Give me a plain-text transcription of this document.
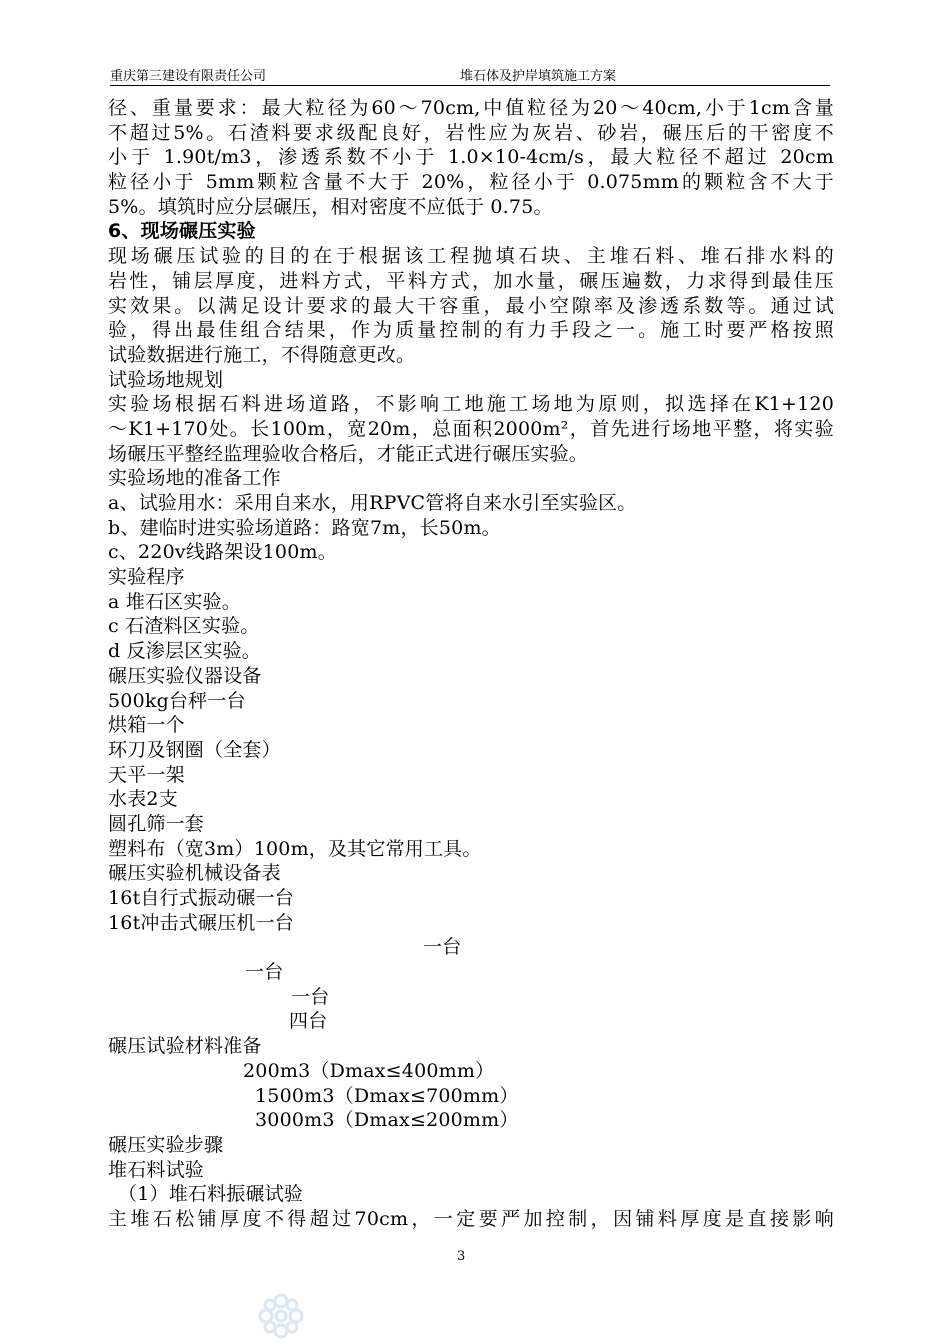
重庆第三建设有限责任公司	堆石体及护岸填筑施工方案
径、重量要求：最大粒径为60～70cm,中值粒径为20～40cm,小于1cm含量
不超过5%。石渣料要求级配良好，岩性应为灰岩、砂岩，碾压后的干密度不
小于 1.90t/m3，渗透系数不小于 1.0×10-4cm/s，最大粒径不超过 20cm
粒径小于 5mm颗粒含量不大于 20%，粒径小于 0.075mm的颗粒含不大于
5%。填筑时应分层碾压，相对密度不应低于 0.75。
6、现场碾压实验
现场碾压试验的目的在于根据该工程抛填石块、主堆石料、堆石排水料的
岩性，铺层厚度，进料方式，平料方式，加水量，碾压遍数，力求得到最佳压
实效果。以满足设计要求的最大干容重，最小空隙率及渗透系数等。通过试
验，得出最佳组合结果，作为质量控制的有力手段之一。施工时要严格按照
试验数据进行施工，不得随意更改。
试验场地规划
实验场根据石料进场道路，不影响工地施工场地为原则，拟选择在K1+120
～K1+170处。长100m，宽20m，总面积2000m²，首先进行场地平整，将实验
场碾压平整经监理验收合格后，才能正式进行碾压实验。
实验场地的准备工作
a、试验用水：采用自来水，用RPVC管将自来水引至实验区。
b、建临时进实验场道路：路宽7m，长50m。
c、220v线路架设100m。
实验程序
a 堆石区实验。
c 石渣料区实验。
d 反渗层区实验。
碾压实验仪器设备
500kg台秤一台
烘箱一个
环刀及钢圈（全套）
天平一架
水表2支
圆孔筛一套
塑料布（宽3m）100m，及其它常用工具。
碾压实验机械设备表
16t自行式振动碾一台
16t冲击式碾压机一台

一台

一台

一台

四台

碾压试验材料准备

200m3（Dmax≤400mm）

1500m3（Dmax≤700mm）

3000m3（Dmax≤200mm）

碾压实验步骤
堆石料试验
（1）堆石料振碾试验
主堆石松铺厚度不得超过70cm，一定要严加控制，因铺料厚度是直接影响
3
